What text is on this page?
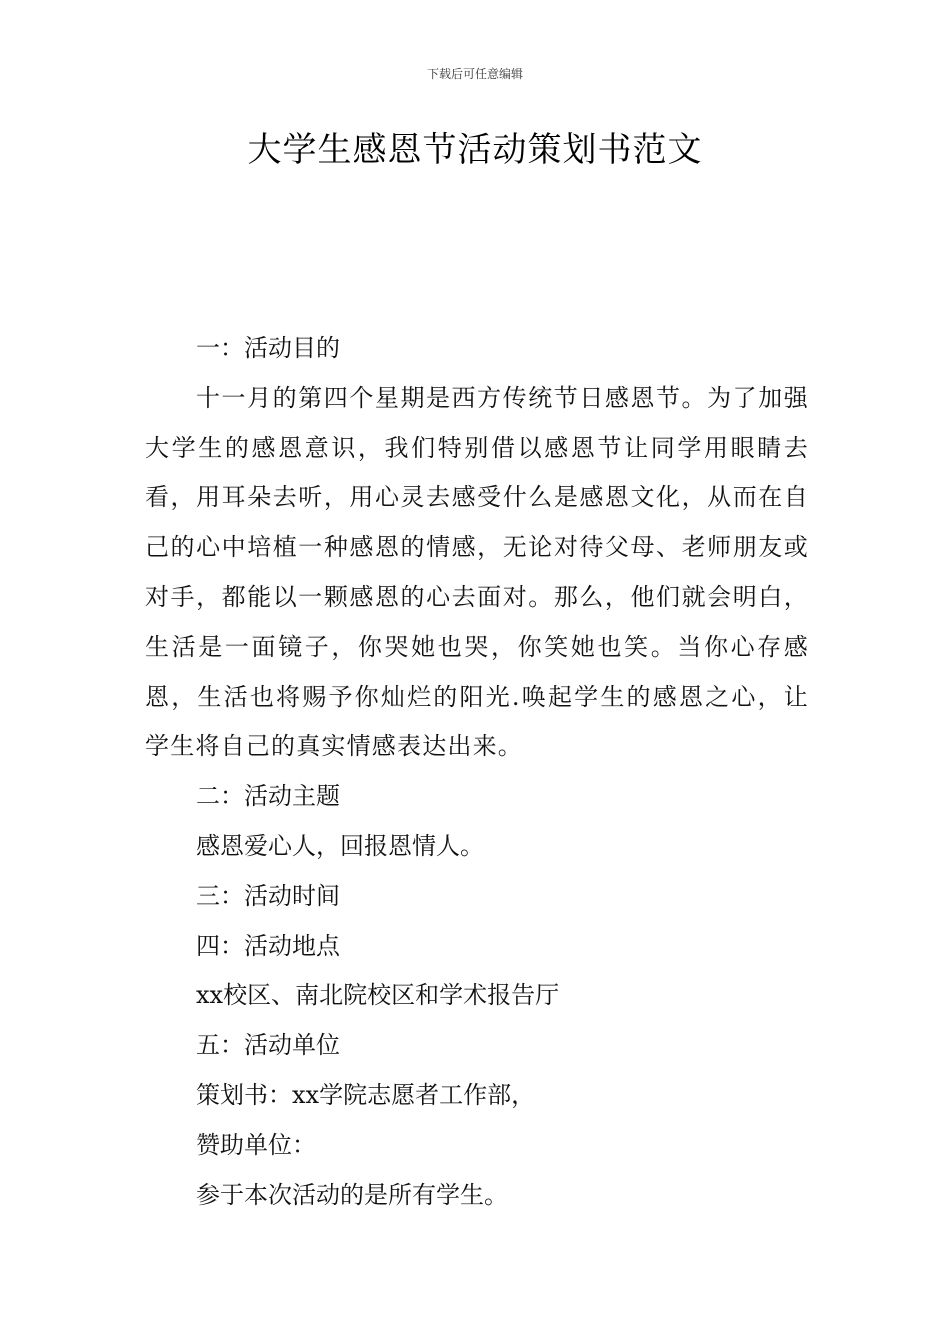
下载后可任意编辑
大学生感恩节活动策划书范文

一：活动目的

十一月的第四个星期是西方传统节日感恩节。为了加强大学生的感恩意识，我们特别借以感恩节让同学用眼睛去看，用耳朵去听，用心灵去感受什么是感恩文化，从而在自己的心中培植一种感恩的情感，无论对待父母、老师朋友或对手，都能以一颗感恩的心去面对。那么，他们就会明白，生活是一面镜子，你哭她也哭，你笑她也笑。当你心存感恩，生活也将赐予你灿烂的阳光.唤起学生的感恩之心，让学生将自己的真实情感表达出来。

二：活动主题

感恩爱心人，回报恩情人。

三：活动时间

四：活动地点

xx校区、南北院校区和学术报告厅

五：活动单位

策划书：xx学院志愿者工作部，

赞助单位：

参于本次活动的是所有学生。
